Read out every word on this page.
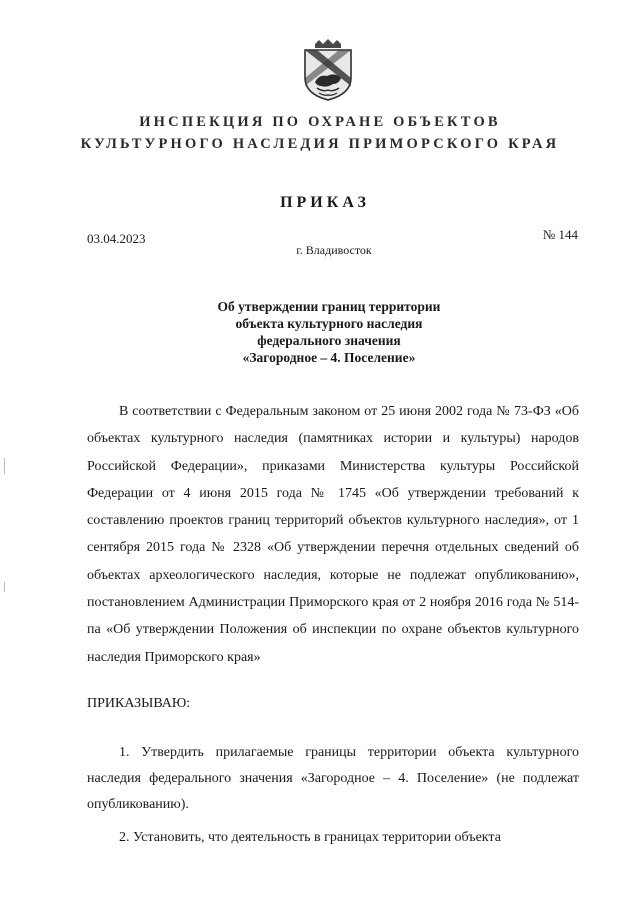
ИНСПЕКЦИЯ ПО ОХРАНЕ ОБЪЕКТОВ
КУЛЬТУРНОГО НАСЛЕДИЯ ПРИМОРСКОГО КРАЯ
ПРИКАЗ
03.04.2023	№ 144
г. Владивосток
Об утверждении границ территории
объекта культурного наследия
федерального значения
«Загородное – 4. Поселение»

В соответствии с Федеральным законом от 25 июня 2002 года № 73-ФЗ «Об объектах культурного наследия (памятниках истории и культуры) народов Российской Федерации», приказами Министерства культуры Российской Федерации от 4 июня 2015 года № 1745 «Об утверждении требований к составлению проектов границ территорий объектов культурного наследия», от 1 сентября 2015 года № 2328 «Об утверждении перечня отдельных сведений об объектах археологического наследия, которые не подлежат опубликованию», постановлением Администрации Приморского края от 2 ноября 2016 года № 514-па «Об утверждении Положения об инспекции по охране объектов культурного наследия Приморского края»

ПРИКАЗЫВАЮ:

1. Утвердить прилагаемые границы территории объекта культурного наследия федерального значения «Загородное – 4. Поселение» (не подлежат опубликованию).

2. Установить, что деятельность в границах территории объекта
